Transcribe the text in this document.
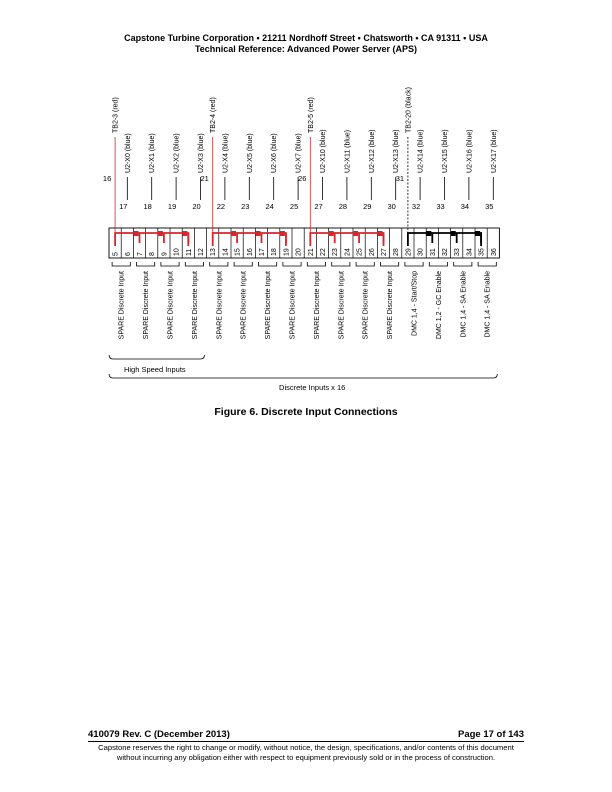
Capstone Turbine Corporation • 21211 Nordhoff Street • Chatsworth • CA 91311 • USA
Technical Reference: Advanced Power Server (APS)
5 6 7 8 9 10 11 12 13 14 15 16 17 18 19 20 21 22 23 24 25 26 27 28 29 30 31 32 33 34 35 36
16
TB2-3 (red)
17
U2-X0 (blue)
18
U2-X1 (blue)
19
U2-X2 (blue)
20
U2-X3 (blue)
21
TB2-4 (red)
22
U2-X4 (blue)
23
U2-X5 (blue)
24
U2-X6 (blue)
25
U2-X7 (blue)
26
TB2-5 (red)
27
U2-X10 (blue)
28
U2-X11 (blue)
29
U2-X12 (blue)
30
U2-X13 (blue)
31
TB2-20 (black)
32
U2-X14 (blue)
33
U2-X15 (blue)
34
U2-X16 (blue)
35
U2-X17 (blue)
SPARE Discrete Input SPARE Discrete Input SPARE Discrete Input SPARE Discrete Input SPARE Discrete Input SPARE Discrete Input SPARE Discrete Input SPARE Discrete Input SPARE Discrete Input SPARE Discrete Input SPARE Discrete Input SPARE Discrete Input DMC 1,4 - Start/Stop DMC 1,2 - GC Enable DMC 1,4 - SA Enable DMC 1,4 - SA Enable
High Speed Inputs
Discrete Inputs x 16
Figure 6. Discrete Input Connections
410079 Rev. C (December 2013)	Page 17 of 143
Capstone reserves the right to change or modify, without notice, the design, specifications, and/or contents of this document
without incurring any obligation either with respect to equipment previously sold or in the process of construction.
